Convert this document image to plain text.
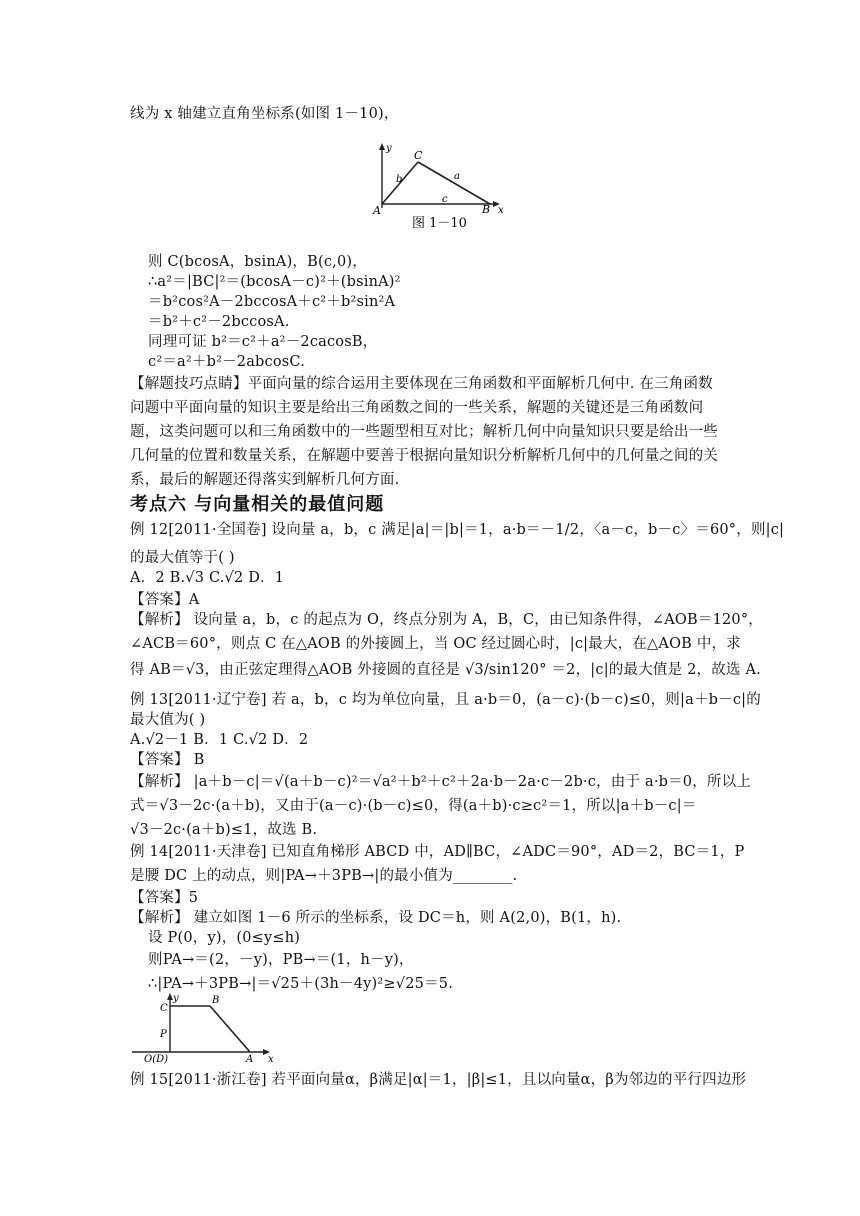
线为 x 轴建立直角坐标系(如图 1－10)，
y
C
b	a
A
c
B x
图 1－10
则 C(bcosA，bsinA)，B(c,0)，
∴a²＝|BC|²＝(bcosA－c)²＋(bsinA)²
＝b²cos²A－2bccosA＋c²＋b²sin²A
＝b²＋c²－2bccosA.
同理可证 b²＝c²＋a²－2cacosB，
c²＝a²＋b²－2abcosC.
【解题技巧点睛】平面向量的综合运用主要体现在三角函数和平面解析几何中. 在三角函数
问题中平面向量的知识主要是给出三角函数之间的一些关系，解题的关键还是三角函数问
题，这类问题可以和三角函数中的一些题型相互对比；解析几何中向量知识只要是给出一些
几何量的位置和数量关系，在解题中要善于根据向量知识分析解析几何中的几何量之间的关
系，最后的解题还得落实到解析几何方面.
考点六 与向量相关的最值问题
例 12[2011·全国卷] 设向量 a，b，c 满足|a|＝|b|＝1，a·b＝－1/2，〈a－c，b－c〉＝60°，则|c|
的最大值等于( )
A．2 B.√3 C.√2 D．1
【答案】A
【解析】 设向量 a，b，c 的起点为 O，终点分别为 A，B，C，由已知条件得，∠AOB＝120°，
∠ACB＝60°，则点 C 在△AOB 的外接圆上，当 OC 经过圆心时，|c|最大，在△AOB 中，求
得 AB＝√3，由正弦定理得△AOB 外接圆的直径是 √3/sin120° ＝2，|c|的最大值是 2，故选 A.
例 13[2011·辽宁卷] 若 a，b，c 均为单位向量，且 a·b＝0，(a－c)·(b－c)≤0，则|a＋b－c|的
最大值为( )
A.√2－1 B．1 C.√2 D．2
【答案】 B
【解析】 |a＋b－c|＝√(a＋b－c)²＝√a²＋b²＋c²＋2a·b－2a·c－2b·c，由于 a·b＝0，所以上
式＝√3－2c·(a＋b)，又由于(a－c)·(b－c)≤0，得(a＋b)·c≥c²＝1，所以|a＋b－c|＝
√3－2c·(a＋b)≤1，故选 B.
例 14[2011·天津卷] 已知直角梯形 ABCD 中，AD∥BC，∠ADC＝90°，AD＝2，BC＝1，P
是腰 DC 上的动点，则|PA→＋3PB→|的最小值为________.
【答案】5
【解析】 建立如图 1－6 所示的坐标系，设 DC＝h，则 A(2,0)，B(1，h).
设 P(0，y)，(0≤y≤h)
则PA→＝(2，－y)，PB→＝(1，h－y)，
∴|PA→＋3PB→|＝√25＋(3h－4y)²≥√25＝5.
y
C
B
P
O(D)	A x
例 15[2011·浙江卷] 若平面向量α，β满足|α|＝1，|β|≤1，且以向量α，β为邻边的平行四边形
